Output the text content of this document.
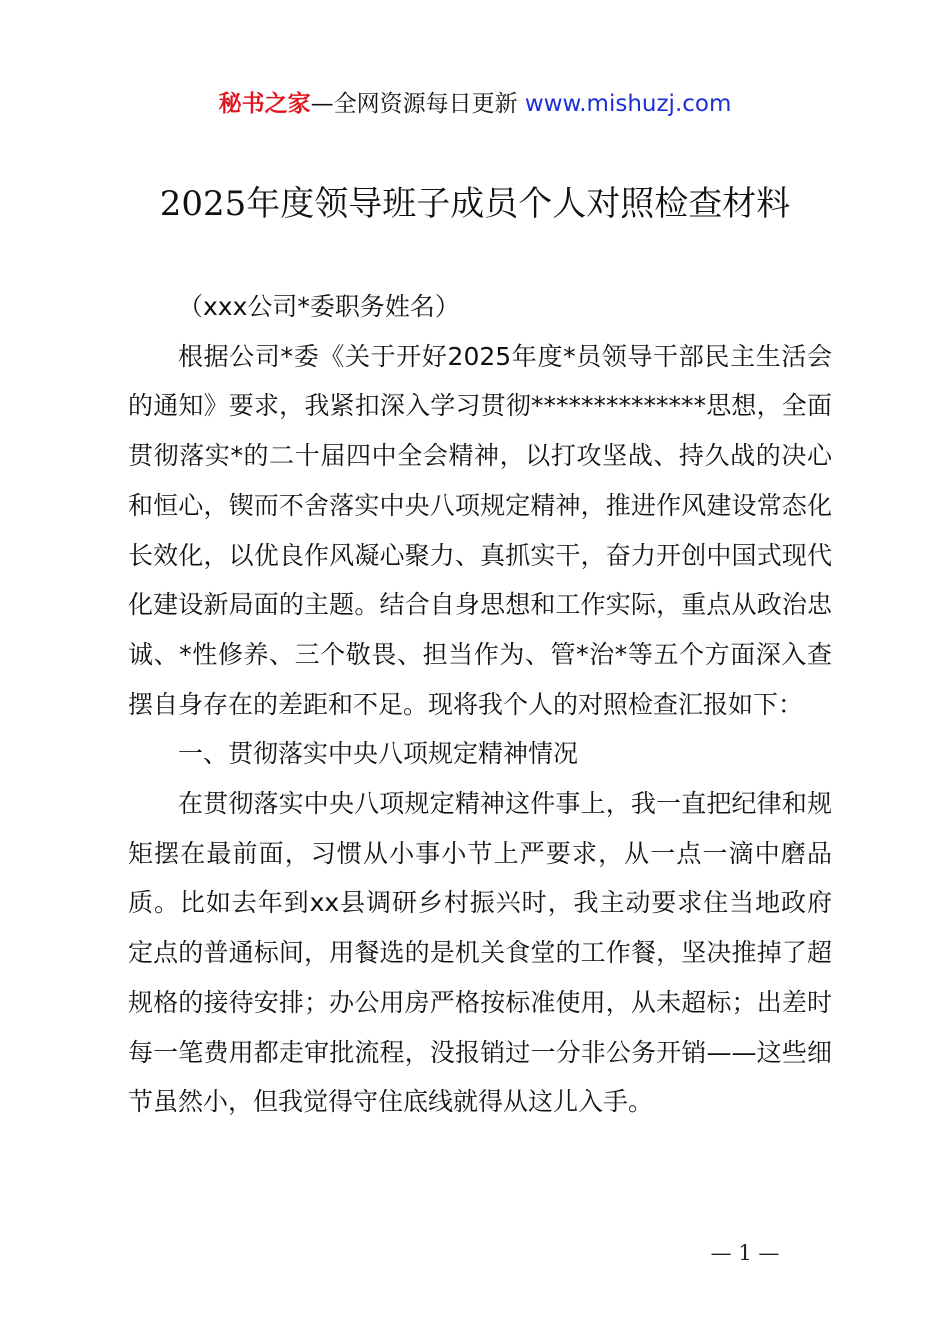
秘书之家—全网资源每日更新 www.mishuzj.com
2025年度领导班子成员个人对照检查材料

（xxx公司*委职务姓名）

根据公司*委《关于开好2025年度*员领导干部民主生活会的通知》要求，我紧扣深入学习贯彻**************思想，全面贯彻落实*的二十届四中全会精神，以打攻坚战、持久战的决心和恒心，锲而不舍落实中央八项规定精神，推进作风建设常态化长效化，以优良作风凝心聚力、真抓实干，奋力开创中国式现代化建设新局面的主题。结合自身思想和工作实际，重点从政治忠诚、*性修养、三个敬畏、担当作为、管*治*等五个方面深入查摆自身存在的差距和不足。现将我个人的对照检查汇报如下：

一、贯彻落实中央八项规定精神情况

在贯彻落实中央八项规定精神这件事上，我一直把纪律和规矩摆在最前面，习惯从小事小节上严要求，从一点一滴中磨品质。比如去年到xx县调研乡村振兴时，我主动要求住当地政府定点的普通标间，用餐选的是机关食堂的工作餐，坚决推掉了超规格的接待安排；办公用房严格按标准使用，从未超标；出差时每一笔费用都走审批流程，没报销过一分非公务开销——这些细节虽然小，但我觉得守住底线就得从这儿入手。

— 1 —
